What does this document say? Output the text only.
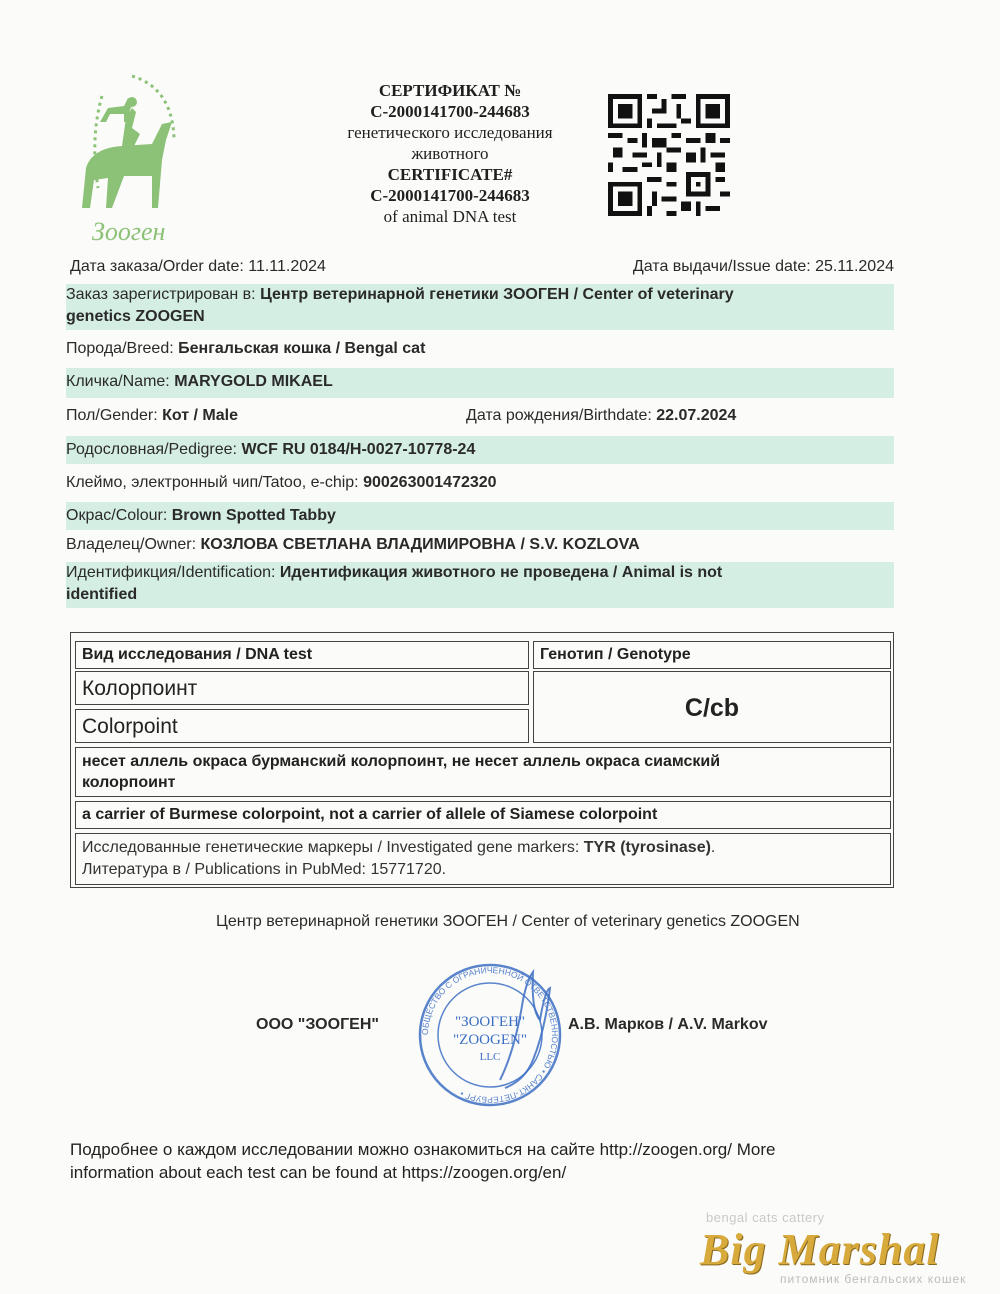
Зооген
СЕРТИФИКАТ №
C-2000141700-244683
генетического исследования
животного
CERTIFICATE#
C-2000141700-244683
of animal DNA test
Дата заказа/Order date: 11.11.2024	Дата выдачи/Issue date: 25.11.2024
Заказ зарегистрирован в: Центр ветеринарной генетики ЗООГЕН / Center of veterinary
genetics ZOOGEN
Порода/Breed: Бенгальская кошка / Bengal cat
Кличка/Name: MARYGOLD MIKAEL
Пол/Gender: Кот / Male	Дата рождения/Birthdate: 22.07.2024
Родословная/Pedigree: WCF RU 0184/H-0027-10778-24
Клеймо, электронный чип/Tatoo, e-chip: 900263001472320
Окрас/Colour: Brown Spotted Tabby
Владелец/Owner: КОЗЛОВА СВЕТЛАНА ВЛАДИМИРОВНА / S.V. KOZLOVA
Идентификция/Identification: Идентификация животного не проведена / Animal is not
identified
Вид исследования / DNA test	Генотип / Genotype
Колорпоинт
Colorpoint
C/cb
несет аллель окраса бурманский колорпоинт, не несет аллель окраса сиамский
колорпоинт
a carrier of Burmese colorpoint, not a carrier of allele of Siamese colorpoint
Исследованные генетические маркеры / Investigated gene markers: TYR (tyrosinase).
Литература в / Publications in PubMed: 15771720.
Центр ветеринарной генетики ЗООГЕН / Center of veterinary genetics ZOOGEN
ОБЩЕСТВО С ОГРАНИЧЕННОЙ ОТВЕТСТВЕННОСТЬЮ • САНКТ-ПЕТЕРБУРГ •
"ЗООГЕН"
"ZOOGEN"
LLC
ООО "ЗООГЕН"	А.В. Марков / A.V. Markov
Подробнее о каждом исследовании можно ознакомиться на сайте http://zoogen.org/ More
information about each test can be found at https://zoogen.org/en/
bengal cats cattery
Big Marshal
питомник бенгальских кошек
